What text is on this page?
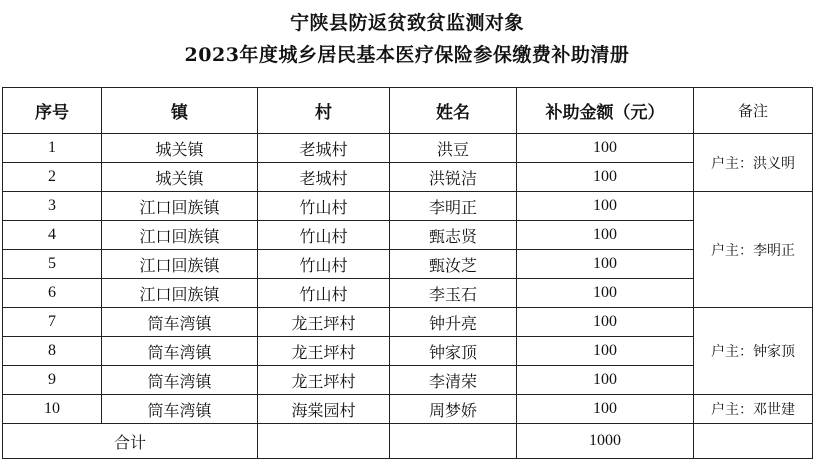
宁陕县防返贫致贫监测对象
2023年度城乡居民基本医疗保险参保缴费补助清册
序号	镇	村	姓名	补助金额（元）	备注
1	城关镇	老城村	洪豆	100	户主：洪义明
2	城关镇	老城村	洪锐洁	100	
3	江口回族镇	竹山村	李明正	100	户主：李明正
4	江口回族镇	竹山村	甄志贤	100	
5	江口回族镇	竹山村	甄汝芝	100	
6	江口回族镇	竹山村	李玉石	100	
7	筒车湾镇	龙王坪村	钟升亮	100	户主：钟家顶
8	筒车湾镇	龙王坪村	钟家顶	100	
9	筒车湾镇	龙王坪村	李清荣	100	
10	筒车湾镇	海棠园村	周梦娇	100	户主：邓世建
合计				1000	
